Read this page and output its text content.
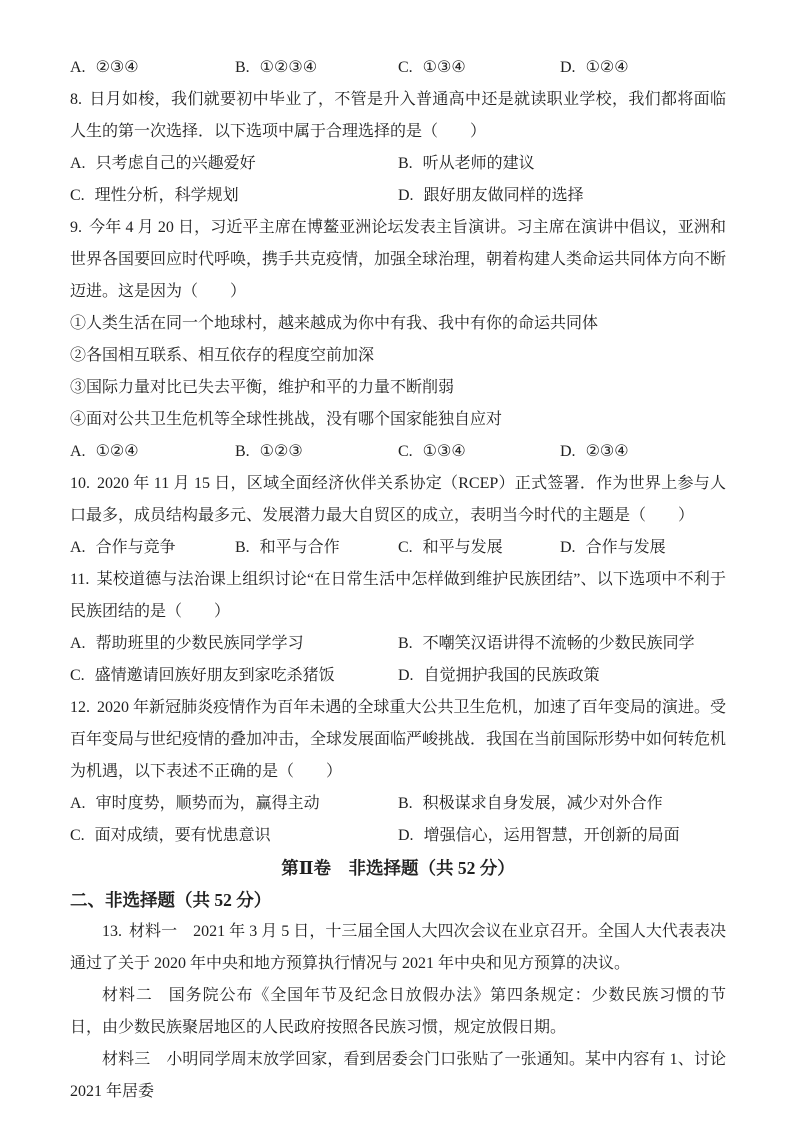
A. ②③④	B. ①②③④	C. ①③④	D. ①②④

8. 日月如梭，我们就要初中毕业了，不管是升入普通高中还是就读职业学校，我们都将面临人生的第一次选择．以下选项中属于合理选择的是（　　）

A. 只考虑自己的兴趣爱好	B. 听从老师的建议
C. 理性分析，科学规划	D. 跟好朋友做同样的选择

9. 今年 4 月 20 日，习近平主席在博鳌亚洲论坛发表主旨演讲。习主席在演讲中倡议，亚洲和世界各国要回应时代呼唤，携手共克疫情，加强全球治理，朝着构建人类命运共同体方向不断迈进。这是因为（　　）

①人类生活在同一个地球村，越来越成为你中有我、我中有你的命运共同体

②各国相互联系、相互依存的程度空前加深

③国际力量对比已失去平衡，维护和平的力量不断削弱

④面对公共卫生危机等全球性挑战，没有哪个国家能独自应对

A. ①②④	B. ①②③	C. ①③④	D. ②③④

10. 2020 年 11 月 15 日，区域全面经济伙伴关系协定（RCEP）正式签署．作为世界上参与人口最多，成员结构最多元、发展潜力最大自贸区的成立，表明当今时代的主题是（　　）

A. 合作与竞争	B. 和平与合作	C. 和平与发展	D. 合作与发展

11. 某校道德与法治课上组织讨论“在日常生活中怎样做到维护民族团结”、以下选项中不利于民族团结的是（　　）

A. 帮助班里的少数民族同学学习	B. 不嘲笑汉语讲得不流畅的少数民族同学
C. 盛情邀请回族好朋友到家吃杀猪饭	D. 自觉拥护我国的民族政策

12. 2020 年新冠肺炎疫情作为百年未遇的全球重大公共卫生危机，加速了百年变局的演进。受百年变局与世纪疫情的叠加冲击，全球发展面临严峻挑战．我国在当前国际形势中如何转危机为机遇，以下表述不正确的是（　　）

A. 审时度势，顺势而为，赢得主动	B. 积极谋求自身发展，减少对外合作
C. 面对成绩，要有忧患意识	D. 增强信心，运用智慧，开创新的局面
第Ⅱ卷　非选择题（共 52 分）
二、非选择题（共 52 分）

13. 材料一 2021 年 3 月 5 日，十三届全国人大四次会议在业京召开。全国人大代表表决通过了关于 2020 年中央和地方预算执行情况与 2021 年中央和见方预算的决议。

材料二 国务院公布《全国年节及纪念日放假办法》第四条规定：少数民族习惯的节日，由少数民族聚居地区的人民政府按照各民族习惯，规定放假日期。

材料三 小明同学周末放学回家，看到居委会门口张贴了一张通知。某中内容有 1、讨论 2021 年居委
